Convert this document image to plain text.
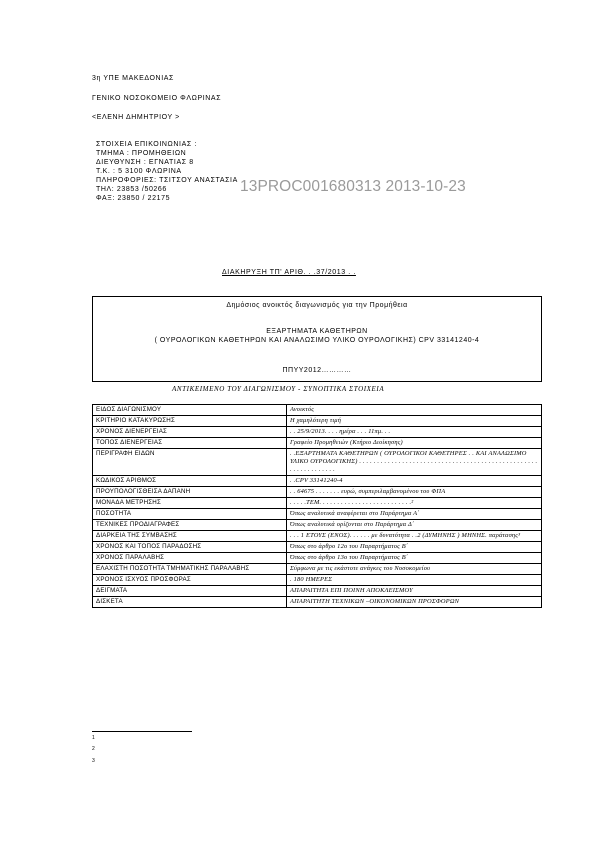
3η ΥΠΕ ΜΑΚΕΔΟΝΙΑΣ
ΓΕΝΙΚΟ ΝΟΣΟΚΟΜΕΙΟ ΦΛΩΡΙΝΑΣ
<ΕΛΕΝΗ ΔΗΜΗΤΡΙΟΥ >
ΣΤΟΙΧΕΙΑ ΕΠΙΚΟΙΝΩΝΙΑΣ :
ΤΜΗΜΑ : ΠΡΟΜΗΘΕΙΩΝ
ΔΙΕΥΘΥΝΣΗ : ΕΓΝΑΤΙΑΣ 8
Τ.Κ. : 5 3100 ΦΛΩΡΙΝΑ
ΠΛΗΡΟΦΟΡΙΕΣ: ΤΣΙΤΣΟΥ ΑΝΑΣΤΑΣΙΑ
ΤΗΛ: 23853 /50266
ΦΑΞ: 23850 / 22175
13PROC001680313 2013-10-23
ΔΙΑΚΗΡΥΞΗ ΤΠ' ΑΡΙΘ. . .37/2013 . .
Δημόσιος ανοικτός διαγωνισμός για την Προμήθεια
ΕΞΑΡΤΗΜΑΤΑ ΚΑΘΕΤΗΡΩΝ
( ΟΥΡΟΛΟΓΙΚΩΝ ΚΑΘΕΤΗΡΩΝ ΚΑΙ ΑΝΑΛΩΣΙΜΟ ΥΛΙΚΟ ΟΥΡΟΛΟΓΙΚΗΣ) CPV 33141240-4
ΠΠΥΥ2012…………
ΑΝΤΙΚΕΙΜΕΝΟ ΤΟΥ ΔΙΑΓΩΝΙΣΜΟΥ - ΣΥΝΟΠΤΙΚΑ ΣΤΟΙΧΕΙΑ
ΕΙΔΟΣ ΔΙΑΓΩΝΙΣΜΟΥ	Ανοικτός
ΚΡΙΤΗΡΙΟ ΚΑΤΑΚΥΡΩΣΗΣ	Η χαμηλότερη τιμή
ΧΡΟΝΟΣ ΔΙΕΝΕΡΓΕΙΑΣ	. . 25/9/2013. . . . ημέρα . . . 11πμ. . .
ΤΟΠΟΣ ΔΙΕΝΕΡΓΕΙΑΣ	Γραφείο Προμηθειών (Κτήριο Διοίκησης)
ΠΕΡΙΓΡΑΦΗ ΕΙΔΩΝ	. .ΕΞΑΡΤΗΜΑΤΑ ΚΑΘΕΤΗΡΩΝ ( ΟΥΡΟΛΟΓΙΚΟΙ ΚΑΘΕΤΗΡΕΣ . . ΚΑΙ ΑΝΑΛΩΣΙΜΟ ΥΛΙΚΟ ΟΥΡΟΛΟΓΙΚΗΣ) . . . . . . . . . . . . . . . . . . . . . . . . . . . . . . . . . . . . . . . . . . . . . . . . . . . . . . . . . . . . . . .
ΚΩΔΙΚΟΣ ΑΡΙΘΜΟΣ	. .CPV 33141240-4
ΠΡΟΥΠΟΛΟΓΙΣΘΕΙΣΑ ΔΑΠΑΝΗ	. . 64675 . . . . . . . ευρώ, συμπεριλαμβανομένου του ΦΠΑ
ΜΟΝΑΔΑ ΜΕΤΡΗΣΗΣ	. . . . .ΤΕΜ. . . . . . . . . . . . . . . . . . . . . . . . . .²
ΠΟΣΟΤΗΤΑ	Όπως αναλυτικά αναφέρεται στο Παράρτημα Α΄
ΤΕΧΝΙΚΕΣ ΠΡΟΔΙΑΓΡΑΦΕΣ	Όπως αναλυτικά ορίζονται στο Παράρτημα Δ΄
ΔΙΑΡΚΕΙΑ ΤΗΣ ΣΥΜΒΑΣΗΣ	. . . 1 ΕΤΟΥΣ (ΕΝΟΣ). . . . . . με δυνατότητα . .2 (ΔΥΜΗΝΗΣ ) ΜΗΝΗΣ. παράτασης³
ΧΡΟΝΟΣ ΚΑΙ ΤΟΠΟΣ ΠΑΡΑΔΟΣΗΣ	Όπως στο άρθρο 12ο του Παραρτήματος Β΄
ΧΡΟΝΟΣ ΠΑΡΑΛΑΒΗΣ	Όπως στο άρθρο 13ο του Παραρτήματος Β΄
ΕΛΑΧΙΣΤΗ ΠΟΣΟΤΗΤΑ ΤΜΗΜΑΤΙΚΗΣ ΠΑΡΑΛΑΒΗΣ	Σύμφωνα με τις εκάστοτε ανάγκες του Νοσοκομείου
ΧΡΟΝΟΣ ΙΣΧΥΟΣ ΠΡΟΣΦΟΡΑΣ	. 180 ΗΜΕΡΕΣ
ΔΕΙΓΜΑΤΑ	ΑΠΑΡΑΙΤΗΤΑ ΕΠΙ ΠΟΙΝΗ ΑΠΟΚΛΕΙΣΜΟΥ
ΔΙΣΚΕΤΑ	ΑΠΑΡΑΙΤΗΤΗ ΤΕΧΝΙΚΩΝ –ΟΙΚΟΝΟΜΙΚΩΝ ΠΡΟΣΦΟΡΩΝ
1
2
3
